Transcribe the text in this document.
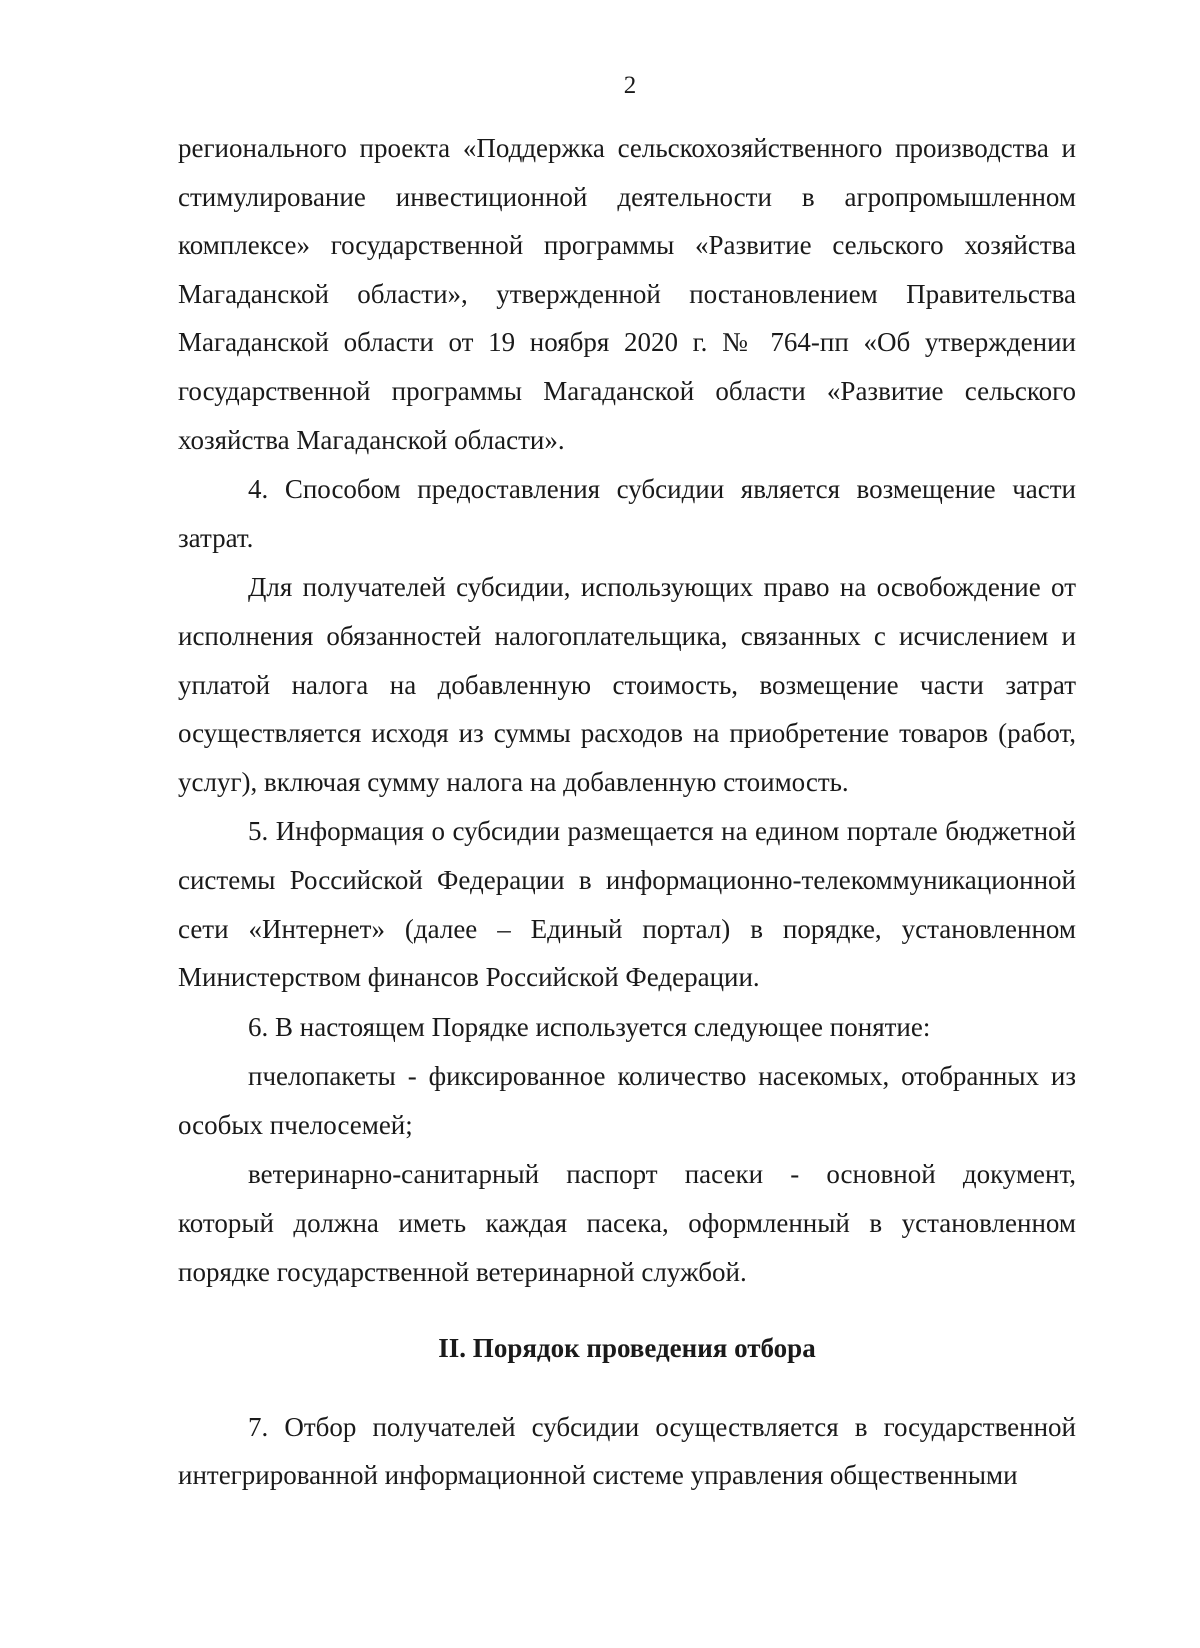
2

регионального проекта «Поддержка сельскохозяйственного производства и стимулирование инвестиционной деятельности в агропромышленном комплексе» государственной программы «Развитие сельского хозяйства Магаданской области», утвержденной постановлением Правительства Магаданской области от 19 ноября 2020 г. № 764-пп «Об утверждении государственной программы Магаданской области «Развитие сельского хозяйства Магаданской области».

4. Способом предоставления субсидии является возмещение части затрат.

Для получателей субсидии, использующих право на освобождение от исполнения обязанностей налогоплательщика, связанных с исчислением и уплатой налога на добавленную стоимость, возмещение части затрат осуществляется исходя из суммы расходов на приобретение товаров (работ, услуг), включая сумму налога на добавленную стоимость.

5. Информация о субсидии размещается на едином портале бюджетной системы Российской Федерации в информационно-телекоммуникационной сети «Интернет» (далее – Единый портал) в порядке, установленном Министерством финансов Российской Федерации.

6. В настоящем Порядке используется следующее понятие:

пчелопакеты - фиксированное количество насекомых, отобранных из особых пчелосемей;

ветеринарно-санитарный паспорт пасеки - основной документ, который должна иметь каждая пасека, оформленный в установленном порядке государственной ветеринарной службой.

II. Порядок проведения отбора

7. Отбор получателей субсидии осуществляется в государственной интегрированной информационной системе управления общественными
